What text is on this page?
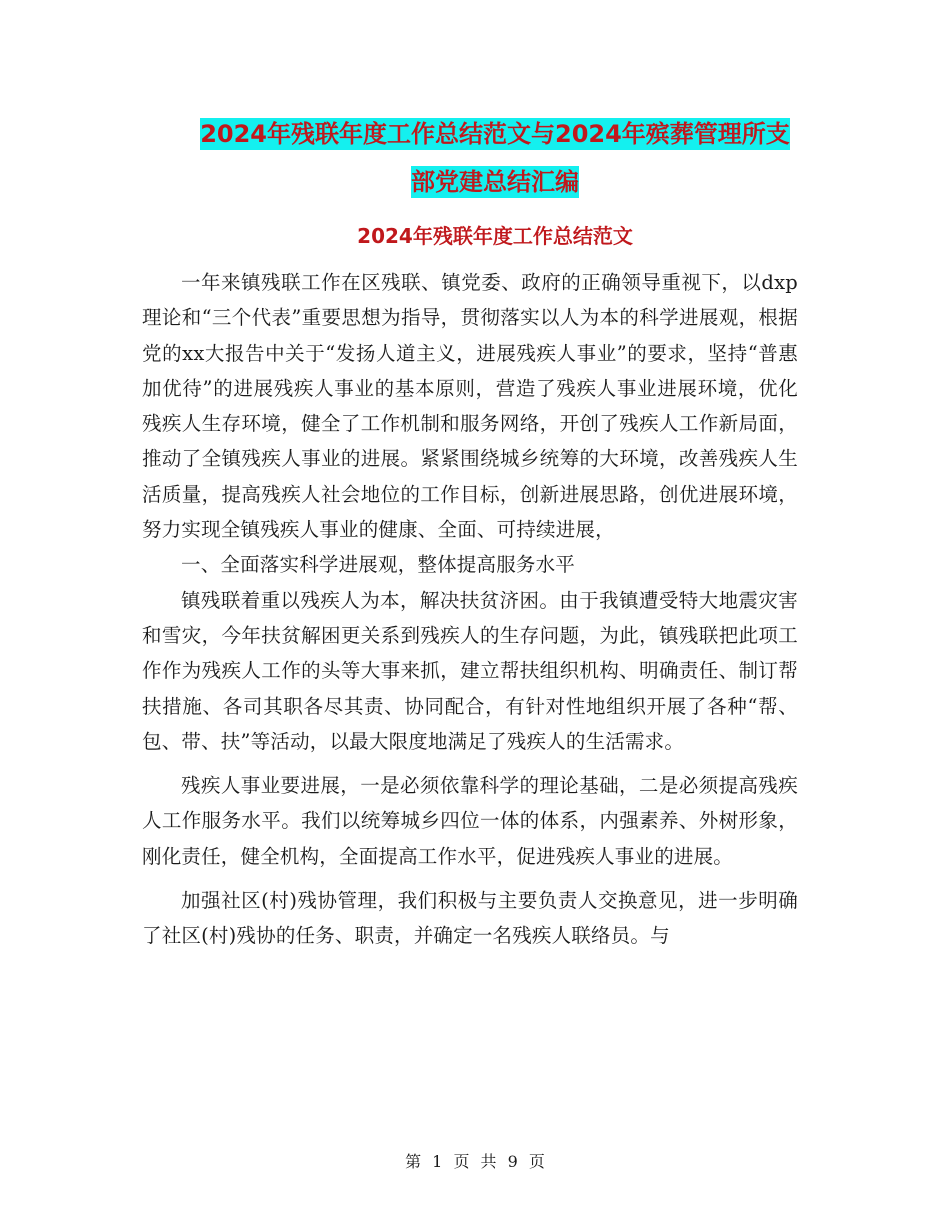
2024年残联年度工作总结范文与2024年殡葬管理所支
部党建总结汇编
2024年残联年度工作总结范文

一年来镇残联工作在区残联、镇党委、政府的正确领导重视下，以dxp理论和“三个代表”重要思想为指导，贯彻落实以人为本的科学进展观，根据党的xx大报告中关于“发扬人道主义，进展残疾人事业”的要求，坚持“普惠加优待”的进展残疾人事业的基本原则，营造了残疾人事业进展环境，优化残疾人生存环境，健全了工作机制和服务网络，开创了残疾人工作新局面，推动了全镇残疾人事业的进展。紧紧围绕城乡统筹的大环境，改善残疾人生活质量，提高残疾人社会地位的工作目标，创新进展思路，创优进展环境，努力实现全镇残疾人事业的健康、全面、可持续进展，

一、全面落实科学进展观，整体提高服务水平

镇残联着重以残疾人为本，解决扶贫济困。由于我镇遭受特大地震灾害和雪灾，今年扶贫解困更关系到残疾人的生存问题，为此，镇残联把此项工作作为残疾人工作的头等大事来抓，建立帮扶组织机构、明确责任、制订帮扶措施、各司其职各尽其责、协同配合，有针对性地组织开展了各种“帮、包、带、扶”等活动，以最大限度地满足了残疾人的生活需求。

残疾人事业要进展，一是必须依靠科学的理论基础，二是必须提高残疾人工作服务水平。我们以统筹城乡四位一体的体系，内强素养、外树形象，刚化责任，健全机构，全面提高工作水平，促进残疾人事业的进展。

加强社区(村)残协管理，我们积极与主要负责人交换意见，进一步明确了社区(村)残协的任务、职责，并确定一名残疾人联络员。与

第 1 页 共 9 页
